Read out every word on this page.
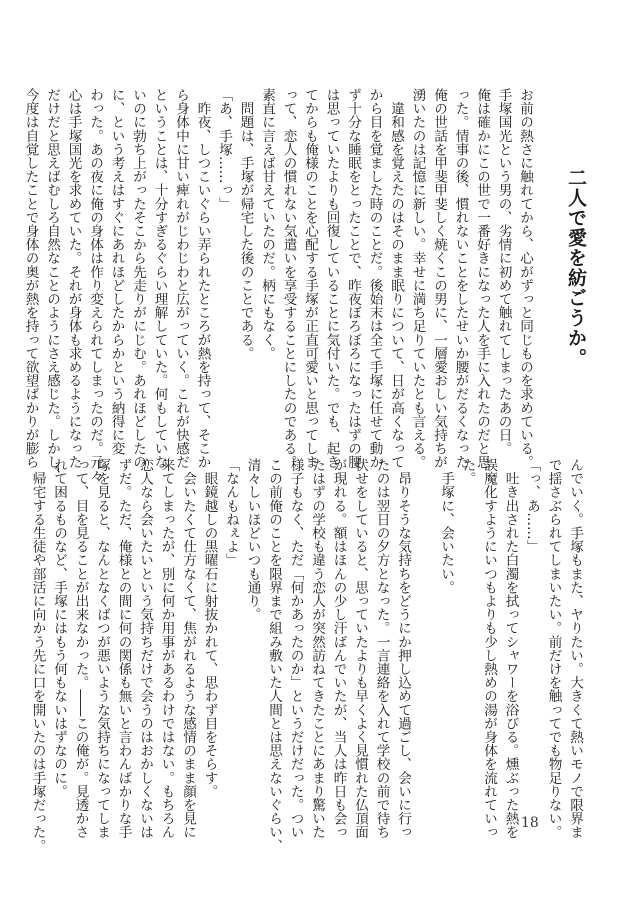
二人で愛を紡ごうか。
お前の熱さに触れてから、心がずっと同じものを求めている。
手塚国光という男の、劣情に初めて触れてしまったあの日。
俺は確かにこの世で一番好きになった人を手に入れたのだと思
った。情事の後、慣れないことをしたせいか腰がだるくなった
俺の世話を甲斐甲斐しく焼くこの男に、一層愛おしい気持ちが
湧いたのは記憶に新しい。幸せに満ち足りていたとも言える。
　違和感を覚えたのはそのまま眠りについて、日が高くなって
から目を覚ました時のことだ。後始末は全て手塚に任せて動か
ず十分な睡眠をとったことで、昨夜ぼろぼろになったはずの腰
は思っていたよりも回復していることに気付いた。でも、起き
てからも俺様のことを心配する手塚が正直可愛いと思ってしま
って、恋人の慣れない気遣いを享受することにしたのである。
素直に言えば甘えていたのだ。柄にもなく。
　問題は、手塚が帰宅した後のことである。
「あ、手塚……っ」
　昨夜、しつこいぐらい弄られたところが熱を持って、そこか
ら身体中に甘い痺れがじわじわと広がっていく。これが快感だ
ということは、十分すぎるぐらい理解していた。何もしていな
いのに勃ち上がったそこから先走りがにじむ。あれほどしたの
に、という考えはすぐにあれほどしたからかという納得に変
わった。あの夜に俺の身体は作り変えられてしまったのだ。元々
心は手塚国光を求めていた。それが身体も求めるようになった
だけだと思えばむしろ自然なことのようにさえ感じた。しかし、
今度は自覚したことで身体の奥が熱を持って欲望ばかりが膨ら
んでいく。手塚もまた、ヤりたい。大きくて熱いモノで限界ま
で揺さぶられてしまいたい。前だけを触ってでも物足りない。
「っ、あ……」
　吐き出された白濁を拭ってシャワーを浴びる。燻ぶった熱を
誤魔化すようにいつもよりも少し熱めの湯が身体を流れていっ
た。
　手塚に、会いたい。

　昂りそうな気持ちをどうにか押し込めて過ごし、会いに行っ
たのは翌日の夕方となった。一言連絡を入れて学校の前で待ち
伏せをしていると、思っていたよりも早くよく見慣れた仏頂面
が現れる。額はほんの少し汗ばんでいたが、当人は昨日も会っ
たはずの学校も違う恋人が突然訪ねてきたことにあまり驚いた
様子もなく、ただ「何かあったのか」というだけだった。つい
この前俺のことを限界まで組み敷いた人間とは思えないぐらい、
清々しいほどいつも通り。
「なんもねぇよ」
　眼鏡越しの黒曜石に射抜かれて、思わず目をそらす。
　会いたくて仕方なくて、焦がれるような感情のまま顔を見に
来てしまったが、別に何か用事があるわけではない。もちろん
恋人なら会いたいという気持ちだけで会うのはおかしくないは
ずだ。ただ、俺様との間に何の関係も無いと言わんばかりな手
塚を見ると、なんとなくばつが悪いような気持ちになってしま
って、目を見ることが出来なかった。――この俺が。見透かさ
れて困るものなど、手塚にはもう何もないはずなのに。
　帰宅する生徒や部活に向かう先に口を開いたのは手塚だった。	18
